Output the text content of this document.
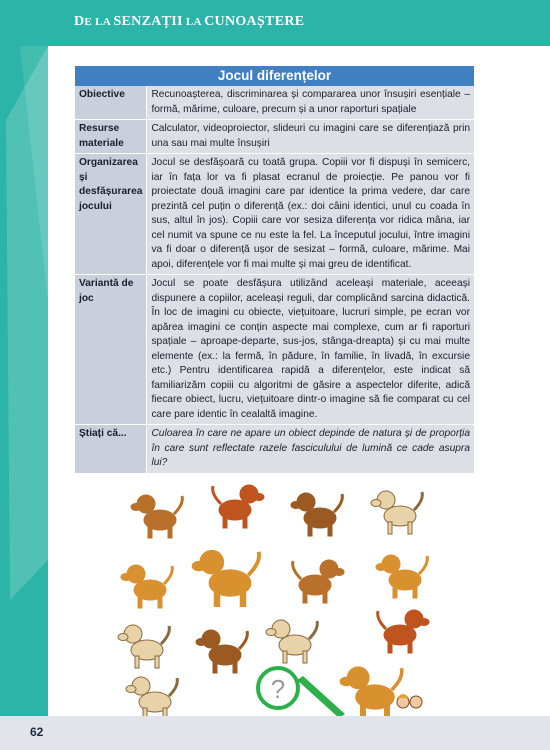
DE LA SENZAȚII LA CUNOAȘTERE
Jocul diferențelor	
Obiective	Recunoașterea, discriminarea și compararea unor însușiri esențiale – formă, mărime, culoare, precum și a unor raporturi spațiale
Resurse materiale	Calculator, videoproiector, slideuri cu imagini care se diferențiază prin una sau mai multe însușiri
Organizarea și desfășurarea jocului	Jocul se desfășoară cu toată grupa. Copiii vor fi dispuși în semicerc, iar în fața lor va fi plasat ecranul de proiecție. Pe panou vor fi proiectate două imagini care par identice la prima vedere, dar care prezintă cel puțin o diferență (ex.: doi câini identici, unul cu coada în sus, altul în jos). Copiii care vor sesiza diferența vor ridica mâna, iar cel numit va spune ce nu este la fel. La începutul jocului, între imagini va fi doar o diferență ușor de sesizat – formă, culoare, mărime. Mai apoi, diferențele vor fi mai multe și mai greu de identificat.
Variantă de joc	Jocul se poate desfășura utilizând aceleași materiale, aceeași dispunere a copiilor, aceleași reguli, dar complicând sarcina didactică. În loc de imagini cu obiecte, viețuitoare, lucruri simple, pe ecran vor apărea imagini ce conțin aspecte mai complexe, cum ar fi raporturi spațiale – aproape-departe, sus-jos, stânga-dreapta) și cu mai multe elemente (ex.: la fermă, în pădure, în familie, în livadă, în excursie etc.) Pentru identificarea rapidă a diferențelor, este indicat să familiarizăm copiii cu algoritmi de găsire a aspectelor diferite, adică fiecare obiect, lucru, viețuitoare dintr-o imagine să fie comparat cu cel care pare identic în cealaltă imagine.
Știați că...	Culoarea în care ne apare un obiect depinde de natura și de proporția în care sunt reflectate razele fasciculului de lumină ce cade asupra lui?
?
62
